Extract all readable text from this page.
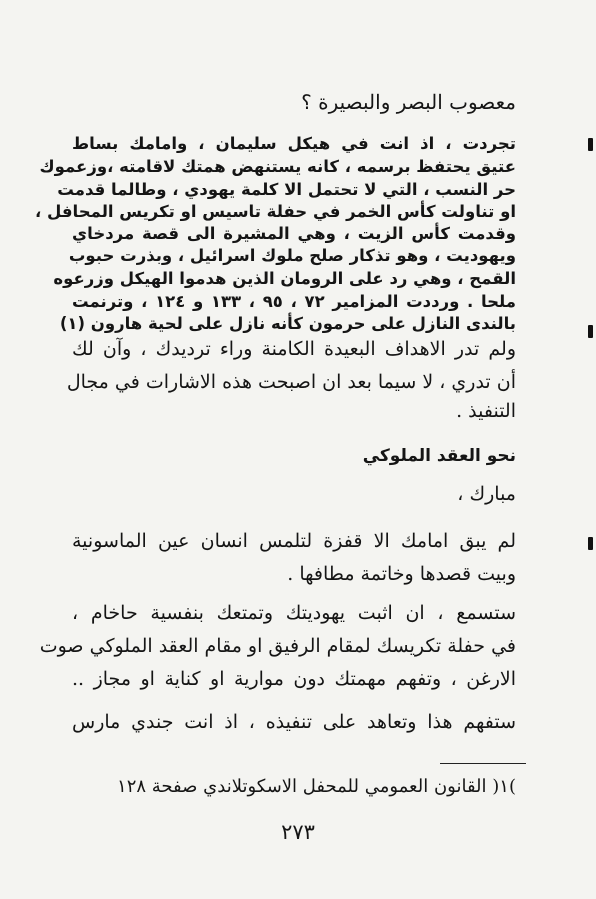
معصوب البصر والبصيرة ؟
تجردت ، اذ انت في هيكل سليمان ، وامامك بساط
عتيق يحتفظ برسمه ، كانه يستنهض همتك لاقامته ،وزعموك
حر النسب ، التي لا تحتمل الا كلمة يهودي ، وطالما قدمت
او تناولت كأس الخمر في حفلة تاسيس او تكريس المحافل ،
وقدمت كأس الزيت ، وهي المشيرة الى قصة مردخاي
ويهوديت ، وهو تذكار صلح ملوك اسرائيل ، وبذرت حبوب
القمح ، وهي رد على الرومان الذين هدموا الهيكل وزرعوه
ملحا . ورددت المزامير ٧٢ ، ٩٥ ، ١٣٣ و ١٢٤ ، وترنمت
بالندى النازل على حرمون كأنه نازل على لحية هارون (١)
ولم تدر الاهداف البعيدة الكامنة وراء ترديدك ، وآن لك
أن تدري ، لا سيما بعد ان اصبحت هذه الاشارات في مجال
التنفيذ .
نحو العقد الملوكي
مبارك ،
لم يبق امامك الا قفزة لتلمس انسان عين الماسونية
وبيت قصدها وخاتمة مطافها .
ستسمع ، ان اثبت يهوديتك وتمتعك بنفسية حاخام ،
في حفلة تكريسك لمقام الرفيق او مقام العقد الملوكي صوت
الارغن ، وتفهم مهمتك دون موارية او كناية او مجاز ..
ستفهم هذا وتعاهد على تنفيذه ، اذ انت جندي مارس
)١( القانون العمومي للمحفل الاسكوتلاندي صفحة ١٢٨
٢٧٣
